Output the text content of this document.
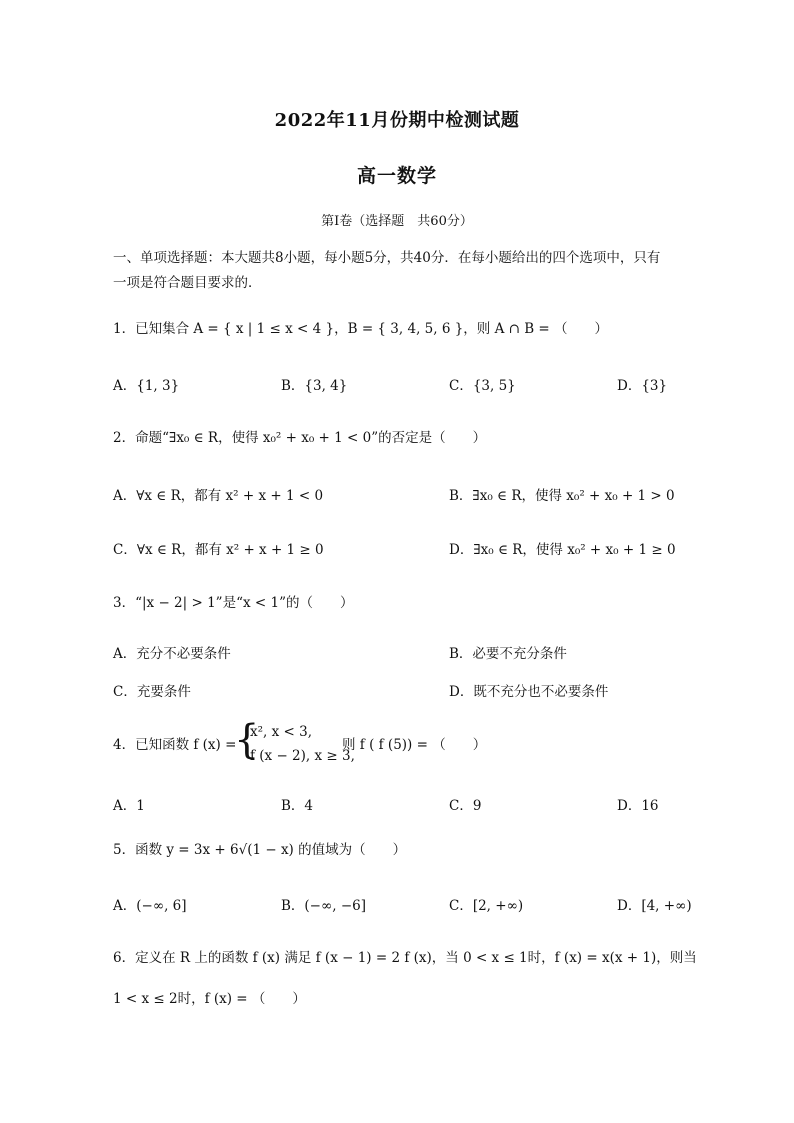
2022年11月份期中检测试题
高一数学
第I卷（选择题　共60分）
一、单项选择题：本大题共8小题，每小题5分，共40分．在每小题给出的四个选项中，只有
一项是符合题目要求的．
1．已知集合 A = { x | 1 ≤ x < 4 }，B = { 3, 4, 5, 6 }，则 A ∩ B = （　　）
A．{1, 3}	B．{3, 4}	C．{3, 5}	D．{3}
2．命题“∃x₀ ∈ R，使得 x₀² + x₀ + 1 < 0”的否定是（　　）
A．∀x ∈ R，都有 x² + x + 1 < 0	B．∃x₀ ∈ R，使得 x₀² + x₀ + 1 > 0
C．∀x ∈ R，都有 x² + x + 1 ≥ 0	D．∃x₀ ∈ R，使得 x₀² + x₀ + 1 ≥ 0
3．“|x − 2| > 1”是“x < 1”的（　　）
A．充分不必要条件	B．必要不充分条件
C．充要条件	D．既不充分也不必要条件
4．已知函数 f (x) =
{
x², x < 3,
f (x − 2), x ≥ 3,
则 f ( f (5)) = （　　）
A．1	B．4	C．9	D．16
5．函数 y = 3x + 6√(1 − x) 的值域为（　　）
A．(−∞, 6]	B．(−∞, −6]	C．[2, +∞)	D．[4, +∞)
6．定义在 R 上的函数 f (x) 满足 f (x − 1) = 2 f (x)，当 0 < x ≤ 1时，f (x) = x(x + 1)，则当
1 < x ≤ 2时，f (x) = （　　）
